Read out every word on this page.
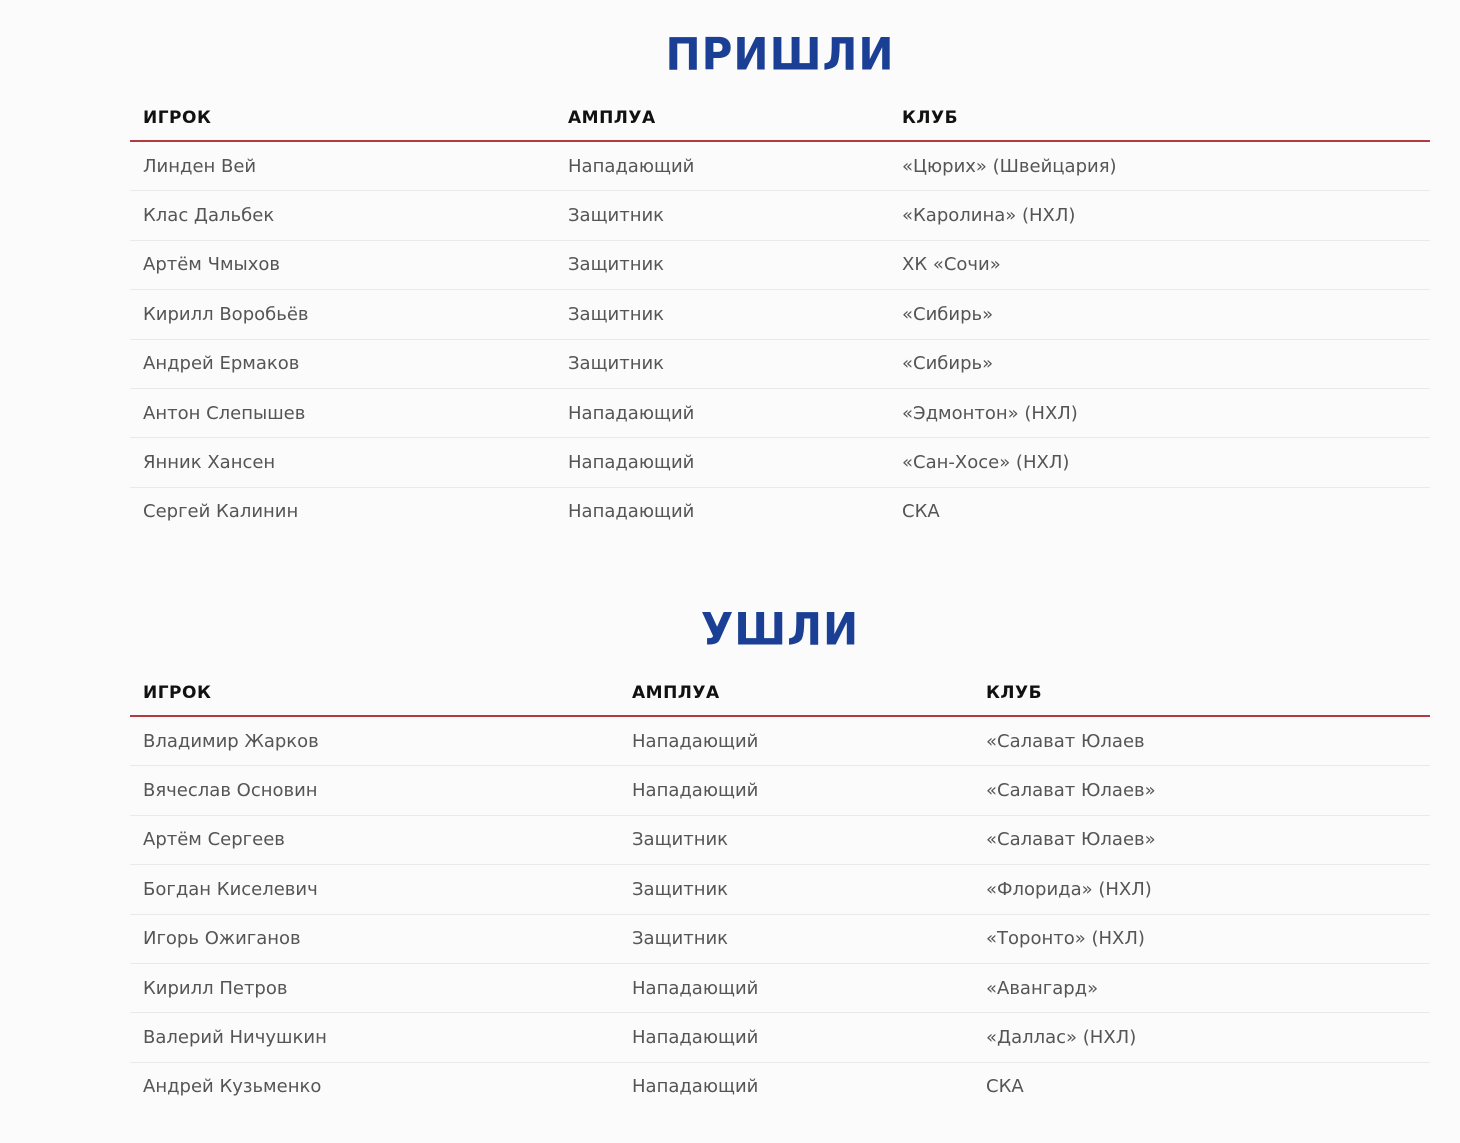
ПРИШЛИ
ИГРОК	АМПЛУА	КЛУБ
Линден Вей	Нападающий	«Цюрих» (Швейцария)
Клас Дальбек	Защитник	«Каролина» (НХЛ)
Артём Чмыхов	Защитник	ХК «Сочи»
Кирилл Воробьёв	Защитник	«Сибирь»
Андрей Ермаков	Защитник	«Сибирь»
Антон Слепышев	Нападающий	«Эдмонтон» (НХЛ)
Янник Хансен	Нападающий	«Сан-Хосе» (НХЛ)
Сергей Калинин	Нападающий	СКА
УШЛИ
ИГРОК	АМПЛУА	КЛУБ
Владимир Жарков	Нападающий	«Салават Юлаев
Вячеслав Основин	Нападающий	«Салават Юлаев»
Артём Сергеев	Защитник	«Салават Юлаев»
Богдан Киселевич	Защитник	«Флорида» (НХЛ)
Игорь Ожиганов	Защитник	«Торонто» (НХЛ)
Кирилл Петров	Нападающий	«Авангард»
Валерий Ничушкин	Нападающий	«Даллас» (НХЛ)
Андрей Кузьменко	Нападающий	СКА
